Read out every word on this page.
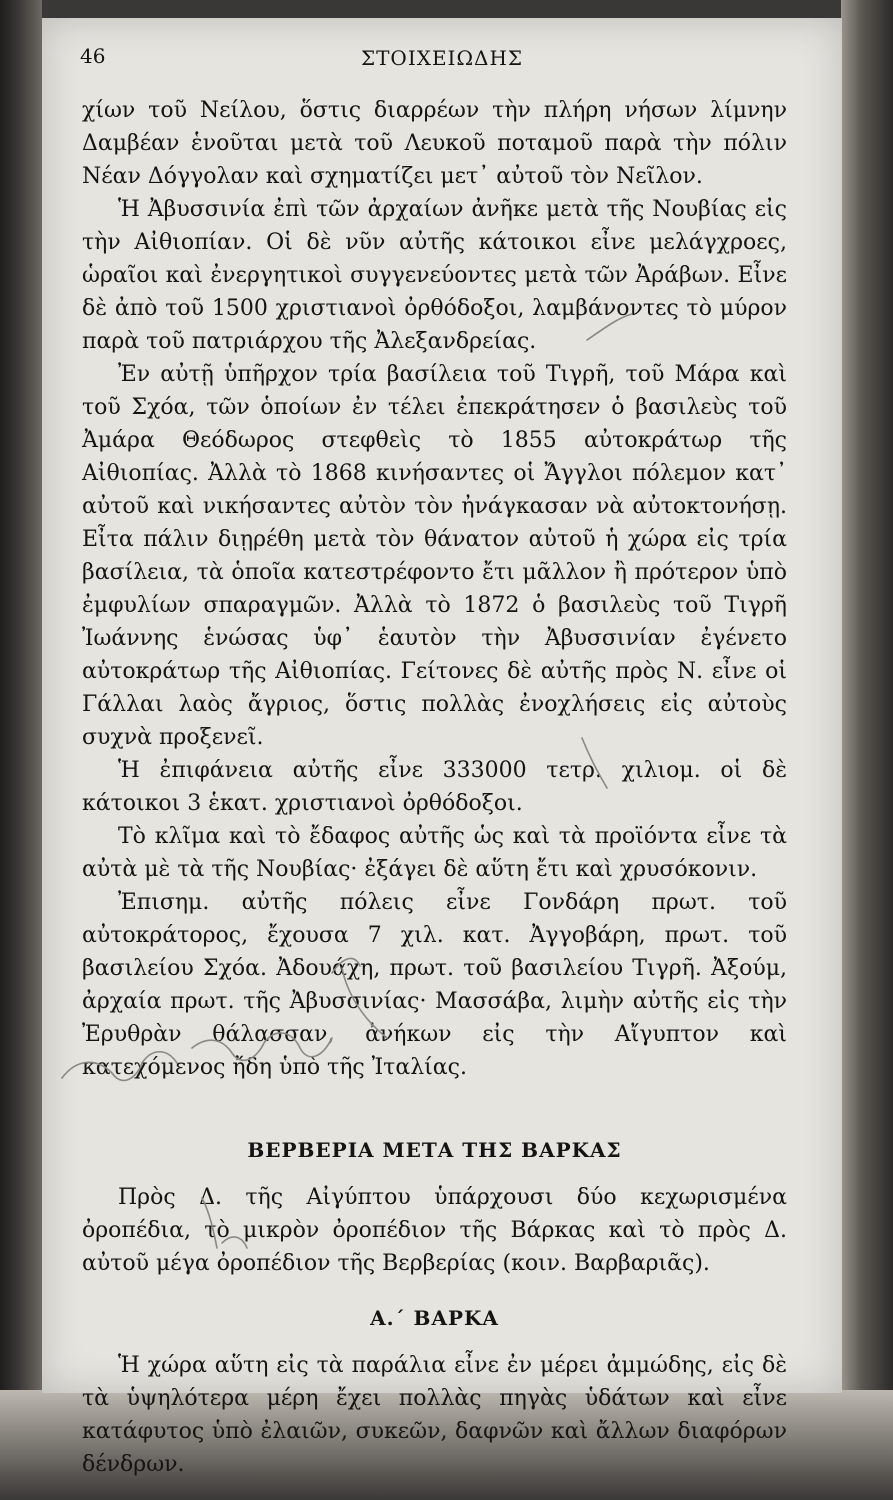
46	ΣΤΟΙΧΕΙΩΔΗΣ

χίων τοῦ Νείλου, ὅστις διαρρέων τὴν πλήρη νήσων λίμνην Δαμβέαν ἑνοῦται μετὰ τοῦ Λευκοῦ ποταμοῦ παρὰ τὴν πόλιν Νέαν Δόγγολαν καὶ σχηματίζει μετ᾽ αὐτοῦ τὸν Νεῖλον.

Ἡ Ἀβυσσινία ἐπὶ τῶν ἀρχαίων ἀνῆκε μετὰ τῆς Νουβίας εἰς τὴν Αἰθιοπίαν. Οἱ δὲ νῦν αὐτῆς κάτοικοι εἶνε μελάγχροες, ὡραῖοι καὶ ἐνεργητικοὶ συγγενεύοντες μετὰ τῶν Ἀράβων. Εἶνε δὲ ἀπὸ τοῦ 1500 χριστιανοὶ ὀρθόδοξοι, λαμβάνοντες τὸ μύρον παρὰ τοῦ πατριάρχου τῆς Ἀλεξανδρείας.

Ἐν αὐτῇ ὑπῆρχον τρία βασίλεια τοῦ Τιγρῆ, τοῦ Μάρα καὶ τοῦ Σχόα, τῶν ὁποίων ἐν τέλει ἐπεκράτησεν ὁ βασιλεὺς τοῦ Ἀμάρα Θεόδωρος στεφθεὶς τὸ 1855 αὐτοκράτωρ τῆς Αἰθιοπίας. Ἀλλὰ τὸ 1868 κινήσαντες οἱ Ἄγγλοι πόλεμον κατ᾽ αὐτοῦ καὶ νικήσαντες αὐτὸν τὸν ἠνάγκασαν νὰ αὐτοκτονήσῃ. Εἶτα πάλιν διῃρέθη μετὰ τὸν θάνατον αὐτοῦ ἡ χώρα εἰς τρία βασίλεια, τὰ ὁποῖα κατεστρέφοντο ἔτι μᾶλλον ἢ πρότερον ὑπὸ ἐμφυλίων σπαραγμῶν. Ἀλλὰ τὸ 1872 ὁ βασιλεὺς τοῦ Τιγρῆ Ἰωάννης ἑνώσας ὑφ᾽ ἑαυτὸν τὴν Ἀβυσσινίαν ἐγένετο αὐτοκράτωρ τῆς Αἰθιοπίας. Γείτονες δὲ αὐτῆς πρὸς Ν. εἶνε οἱ Γάλλαι λαὸς ἄγριος, ὅστις πολλὰς ἐνοχλήσεις εἰς αὐτοὺς συχνὰ προξενεῖ.

Ἡ ἐπιφάνεια αὐτῆς εἶνε 333000 τετρ. χιλιομ. οἱ δὲ κάτοικοι 3 ἑκατ. χριστιανοὶ ὀρθόδοξοι.

Τὸ κλῖμα καὶ τὸ ἔδαφος αὐτῆς ὡς καὶ τὰ προϊόντα εἶνε τὰ αὐτὰ μὲ τὰ τῆς Νουβίας· ἐξάγει δὲ αὕτη ἔτι καὶ χρυσόκονιν.

Ἐπισημ. αὐτῆς πόλεις εἶνε Γονδάρη πρωτ. τοῦ αὐτοκράτορος, ἔχουσα 7 χιλ. κατ. Ἀγγοβάρη, πρωτ. τοῦ βασιλείου Σχόα. Ἀδουάχη, πρωτ. τοῦ βασιλείου Τιγρῆ. Ἀξούμ, ἀρχαία πρωτ. τῆς Ἀβυσσινίας· Μασσάβα, λιμὴν αὐτῆς εἰς τὴν Ἐρυθρὰν θάλασσαν, ἀνήκων εἰς τὴν Αἴγυπτον καὶ κατεχόμενος ἤδη ὑπὸ τῆς Ἰταλίας.

ΒΕΡΒΕΡΙΑ ΜΕΤΑ ΤΗΣ ΒΑΡΚΑΣ

Πρὸς Δ. τῆς Αἰγύπτου ὑπάρχουσι δύο κεχωρισμένα ὀροπέδια, τὸ μικρὸν ὀροπέδιον τῆς Βάρκας καὶ τὸ πρὸς Δ. αὐτοῦ μέγα ὀροπέδιον τῆς Βερβερίας (κοιν. Βαρβαριᾶς).

Α.΄ ΒΑΡΚΑ

Ἡ χώρα αὕτη εἰς τὰ παράλια εἶνε ἐν μέρει ἀμμώδης, εἰς δὲ τὰ ὑψηλότερα μέρη ἔχει πολλὰς πηγὰς ὑδάτων καὶ εἶνε κατάφυτος ὑπὸ ἐλαιῶν, συκεῶν, δαφνῶν καὶ ἄλλων διαφόρων δένδρων.
